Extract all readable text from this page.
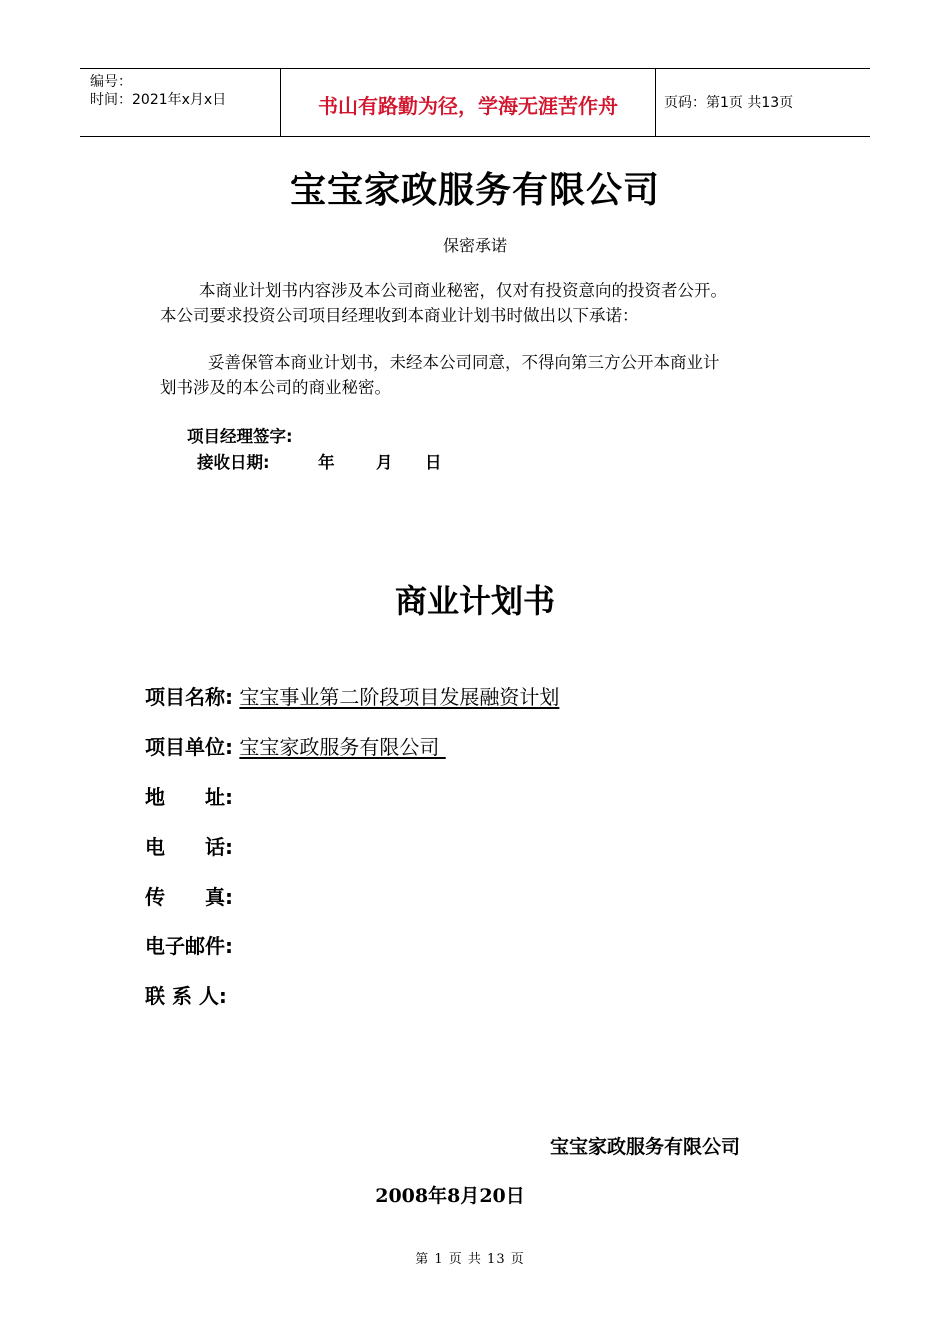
编号：
时间：2021年x月x日	书山有路勤为径，学海无涯苦作舟	页码：第1页 共13页
宝宝家政服务有限公司
保密承诺
本商业计划书内容涉及本公司商业秘密，仅对有投资意向的投资者公开。
本公司要求投资公司项目经理收到本商业计划书时做出以下承诺：
妥善保管本商业计划书，未经本公司同意，不得向第三方公开本商业计
划书涉及的本公司的商业秘密。
项目经理签字:
接收日期:	年	月 日
商业计划书
项目名称: 宝宝事业第二阶段项目发展融资计划
项目单位: 宝宝家政服务有限公司
地　　址:
电　　话:
传　　真:
电子邮件:
联 系 人:
宝宝家政服务有限公司
2008年8月20日
第 1 页 共 13 页
